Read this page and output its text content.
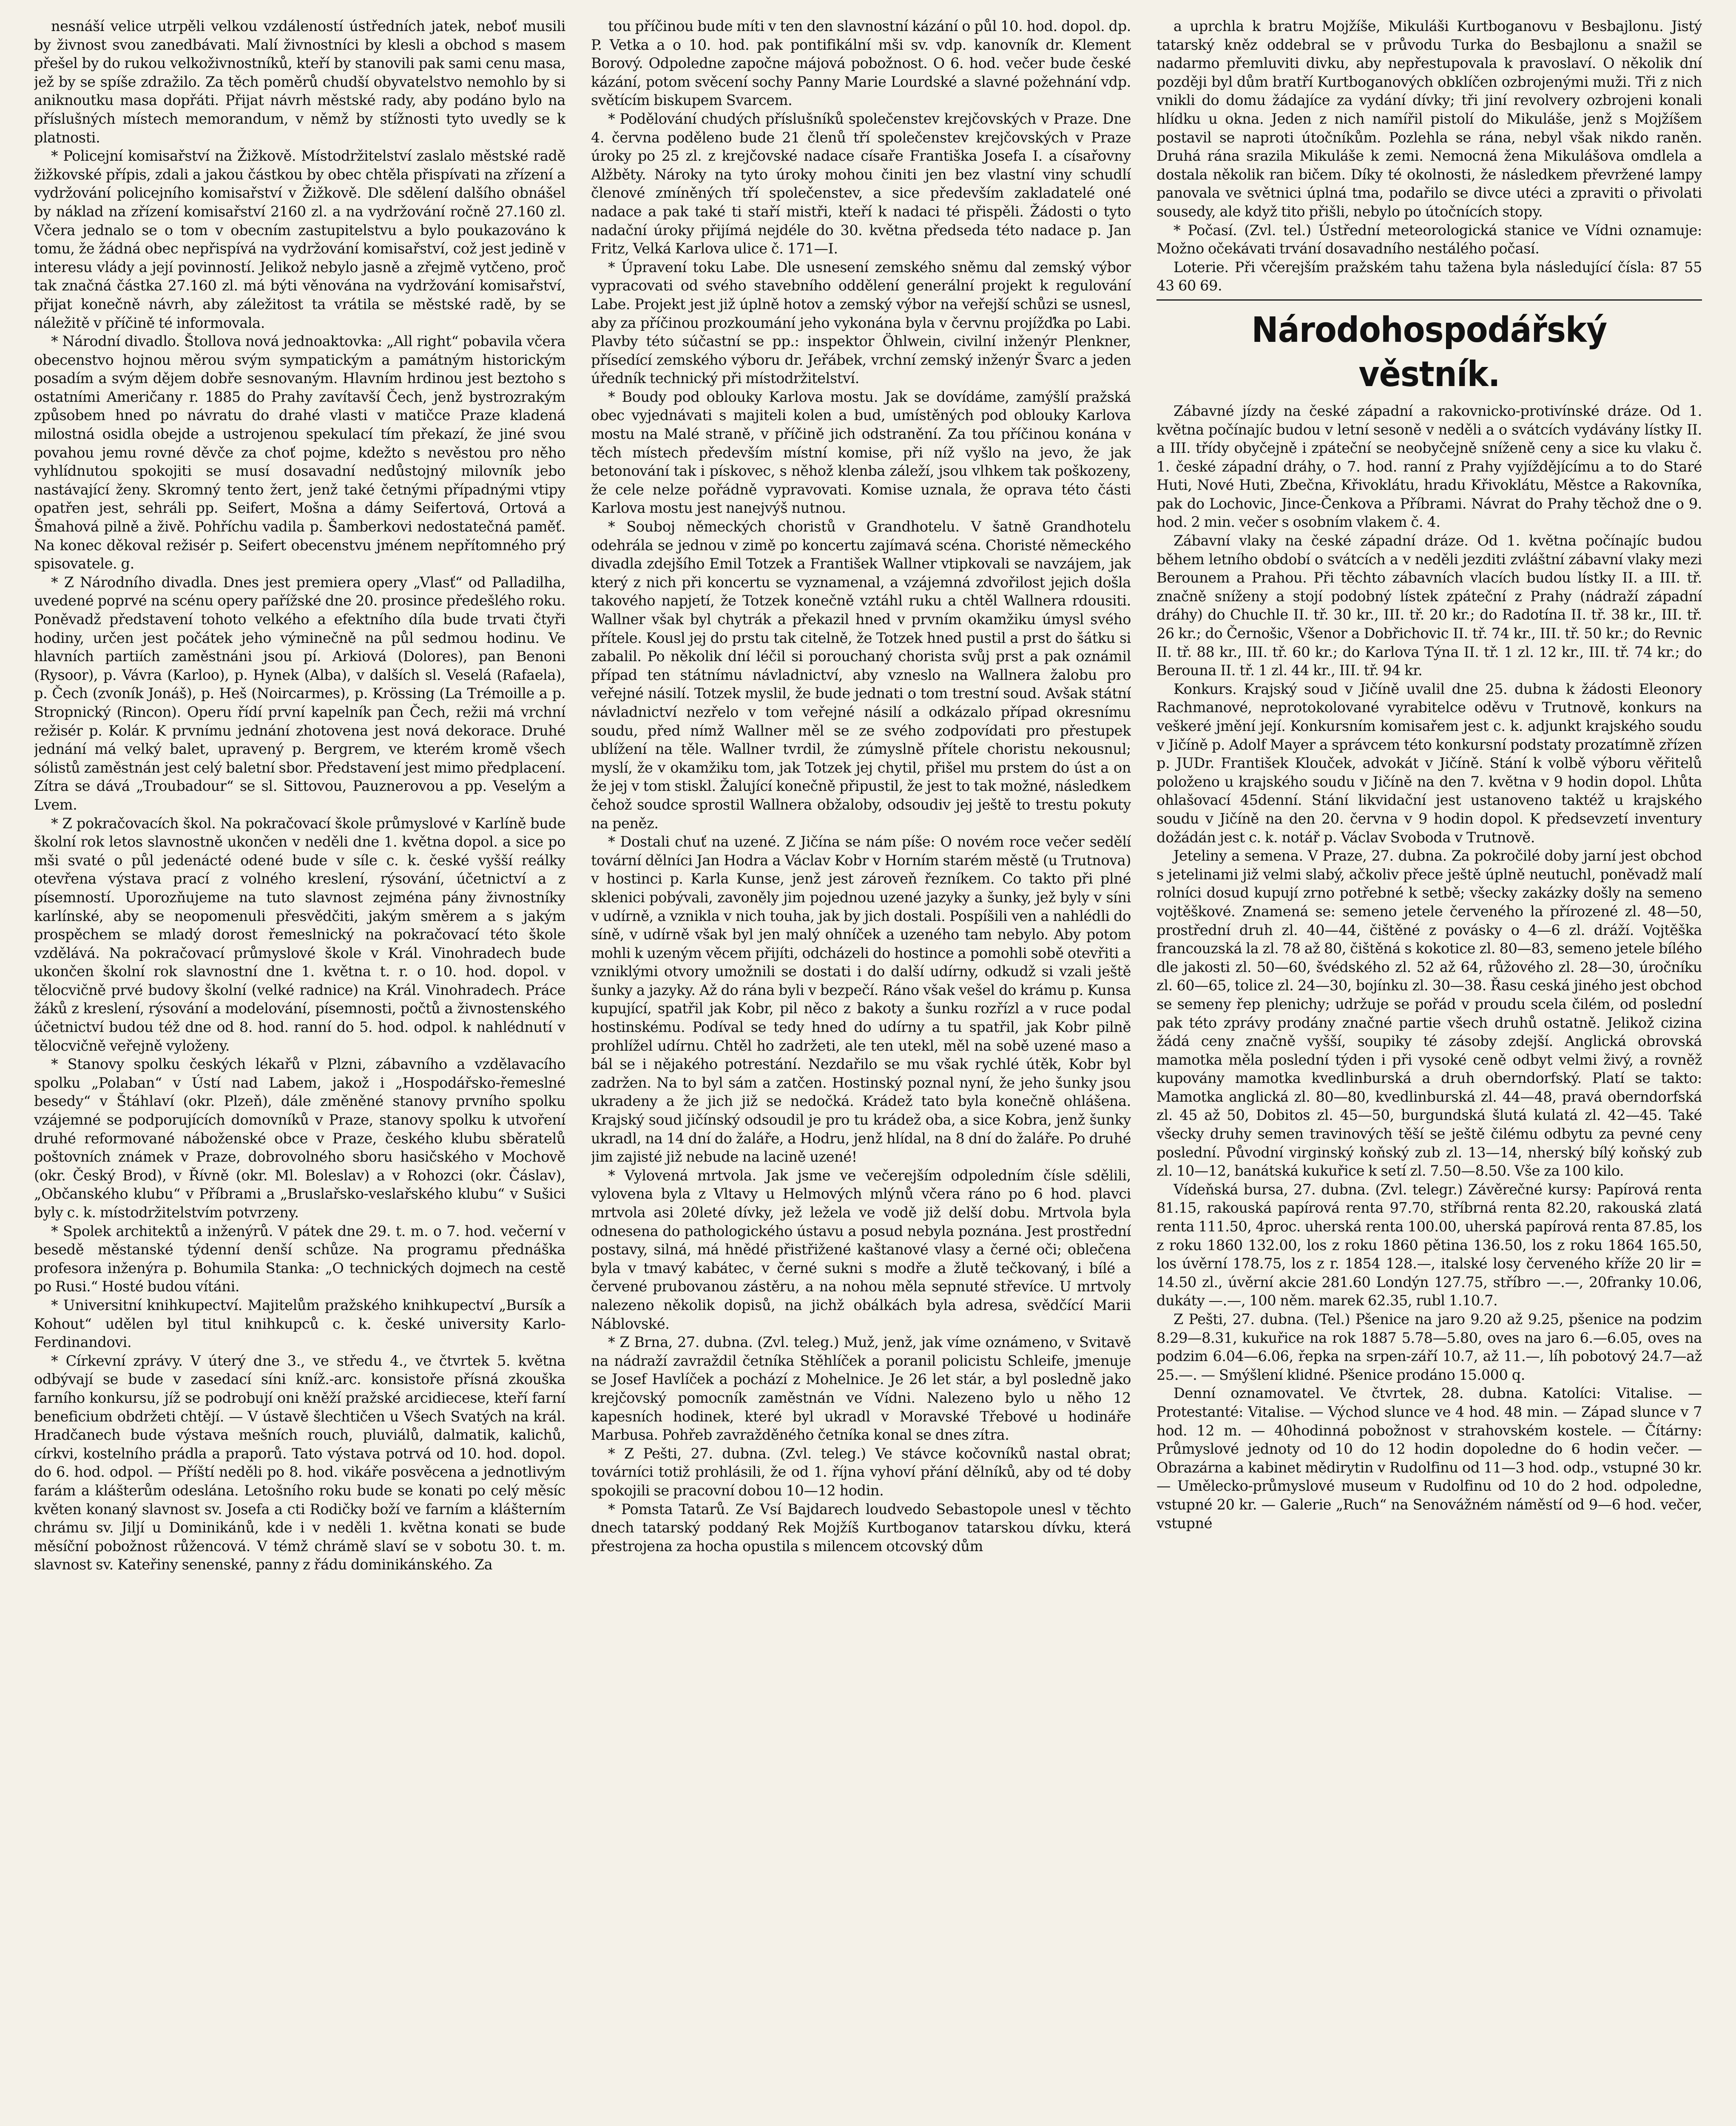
nesnáší velice utrpěli velkou vzdáleností ústředních jatek, neboť musili by živnost svou zanedbávati. Malí živnostníci by klesli a obchod s masem přešel by do rukou velkoživnostníků, kteří by stanovili pak sami cenu masa, jež by se spíše zdražilo. Za těch poměrů chudší obyvatelstvo nemohlo by si aniknoutku masa dopřáti. Přijat návrh městské rady, aby podáno bylo na příslušných místech memorandum, v němž by stížnosti tyto uvedly se k platnosti.

* Policejní komisařství na Žižkově. Místodržitelství zaslalo městské radě žižkovské přípis, zdali a jakou částkou by obec chtěla přispívati na zřízení a vydržování policejního komisařství v Žižkově. Dle sdělení dalšího obnášel by náklad na zřízení komisařství 2160 zl. a na vydržování ročně 27.160 zl. Včera jednalo se o tom v obecním zastupitelstvu a bylo poukazováno k tomu, že žádná obec nepřispívá na vydržování komisařství, což jest jedině v interesu vlády a její povinností. Jelikož nebylo jasně a zřejmě vytčeno, proč tak značná částka 27.160 zl. má býti věnována na vydržování komisařství, přijat konečně návrh, aby záležitost ta vrátila se městské radě, by se náležitě v příčině té informovala.

* Národní divadlo. Štollova nová jednoaktovka: „All right“ pobavila včera obecenstvo hojnou měrou svým sympatickým a památným historickým posadím a svým dějem dobře sesnovaným. Hlavním hrdinou jest beztoho s ostatními Američany r. 1885 do Prahy zavítavší Čech, jenž bystrozrakým způsobem hned po návratu do drahé vlasti v matičce Praze kladená milostná osidla obejde a ustrojenou spekulací tím překazí, že jiné svou povahou jemu rovné děvče za choť pojme, kdežto s nevěstou pro něho vyhlídnutou spokojiti se musí dosavadní nedůstojný milovník jebo nastávající ženy. Skromný tento žert, jenž také četnými případnými vtipy opatřen jest, sehráli pp. Seifert, Mošna a dámy Seifertová, Ortová a Šmahová pilně a živě. Pohříchu vadila p. Šamberkovi nedostatečná paměť. Na konec děkoval režisér p. Seifert obecenstvu jménem nepřítomného prý spisovatele. g.

* Z Národního divadla. Dnes jest premiera opery „Vlasť“ od Palladilha, uvedené poprvé na scénu opery pařížské dne 20. prosince předešlého roku. Poněvadž představení tohoto velkého a efektního díla bude trvati čtyři hodiny, určen jest počátek jeho výminečně na půl sedmou hodinu. Ve hlavních partiích zaměstnáni jsou pí. Arkiová (Dolores), pan Benoni (Rysoor), p. Vávra (Karloo), p. Hynek (Alba), v dalších sl. Veselá (Rafaela), p. Čech (zvoník Jonáš), p. Heš (Noircarmes), p. Krössing (La Trémoille a p. Stropnický (Rincon). Operu řídí první kapelník pan Čech, režii má vrchní režisér p. Kolár. K prvnímu jednání zhotovena jest nová dekorace. Druhé jednání má velký balet, upravený p. Bergrem, ve kterém kromě všech sólistů zaměstnán jest celý baletní sbor. Představení jest mimo předplacení. Zítra se dává „Troubadour“ se sl. Sittovou, Pauznerovou a pp. Veselým a Lvem.

* Z pokračovacích škol. Na pokračovací škole průmyslové v Karlíně bude školní rok letos slavnostně ukončen v neděli dne 1. května dopol. a sice po mši svaté o půl jedenácté odené bude v síle c. k. české vyšší reálky otevřena výstava prací z volného kreslení, rýsování, účetnictví a z písemností. Uporozňujeme na tuto slavnost zejména pány živnostníky karlínské, aby se neopomenuli přesvědčiti, jakým směrem a s jakým prospěchem se mladý dorost řemeslnický na pokračovací této škole vzdělává. Na pokračovací průmyslové škole v Král. Vinohradech bude ukončen školní rok slavnostní dne 1. května t. r. o 10. hod. dopol. v tělocvičně prvé budovy školní (velké radnice) na Král. Vinohradech. Práce žáků z kreslení, rýsování a modelování, písemnosti, počtů a živnostenského účetnictví budou též dne od 8. hod. ranní do 5. hod. odpol. k nahlédnutí v tělocvičně veřejně vyloženy.

* Stanovy spolku českých lékařů v Plzni, zábavního a vzdělavacího spolku „Polaban“ v Ústí nad Labem, jakož i „Hospodářsko-řemeslné besedy“ v Štáhlaví (okr. Plzeň), dále změněné stanovy prvního spolku vzájemné se podporujících domovníků v Praze, stanovy spolku k utvoření druhé reformované náboženské obce v Praze, českého klubu sběratelů poštovních známek v Praze, dobrovolného sboru hasičského v Mochově (okr. Český Brod), v Řívně (okr. Ml. Boleslav) a v Rohozci (okr. Čáslav), „Občanského klubu“ v Příbrami a „Bruslařsko-veslařského klubu“ v Sušici byly c. k. místodržitelstvím potvrzeny.

* Spolek architektů a inženýrů. V pátek dne 29. t. m. o 7. hod. večerní v besedě městanské týdenní denší schůze. Na programu přednáška profesora inženýra p. Bohumila Stanka: „O technických dojmech na cestě po Rusi.“ Hosté budou vítáni.

* Universitní knihkupectví. Majitelům pražského knihkupectví „Bursík a Kohout“ udělen byl titul knihkupců c. k. české university Karlo-Ferdinandovi.

* Církevní zprávy. V úterý dne 3., ve středu 4., ve čtvrtek 5. května odbývají se bude v zasedací síni kníž.-arc. konsistoře přísná zkouška farního konkursu, jíž se podrobují oni kněží pražské arcidiecese, kteří farní beneficium obdržeti chtějí. — V ústavě šlechtičen u Všech Svatých na král. Hradčanech bude výstava mešních rouch, pluviálů, dalmatik, kalichů, církvi, kostelního prádla a praporů. Tato výstava potrvá od 10. hod. dopol. do 6. hod. odpol. — Příští neděli po 8. hod. vikáře posvěcena a jednotlivým farám a klášterům odeslána. Letošního roku bude se konati po celý měsíc květen konaný slavnost sv. Josefa a cti Rodičky boží ve farním a klášterním chrámu sv. Jiljí u Dominikánů, kde i v neděli 1. května konati se bude měsíční pobožnost růžencová. V témž chrámě slaví se v sobotu 30. t. m. slavnost sv. Kateřiny senenské, panny z řádu dominikánského. Za

tou příčinou bude míti v ten den slavnostní kázání o půl 10. hod. dopol. dp. P. Vetka a o 10. hod. pak pontifikální mši sv. vdp. kanovník dr. Klement Borový. Odpoledne započne májová pobožnost. O 6. hod. večer bude české kázání, potom svěcení sochy Panny Marie Lourdské a slavné požehnání vdp. světícím biskupem Svarcem.

* Podělování chudých příslušníků společenstev krejčovských v Praze. Dne 4. června poděleno bude 21 členů tří společenstev krejčovských v Praze úroky po 25 zl. z krejčovské nadace císaře Františka Josefa I. a císařovny Alžběty. Nároky na tyto úroky mohou činiti jen bez vlastní viny schudlí členové zmíněných tří společenstev, a sice především zakladatelé oné nadace a pak také ti staří mistři, kteří k nadaci té přispěli. Žádosti o tyto nadační úroky přijímá nejdéle do 30. května předseda této nadace p. Jan Fritz, Velká Karlova ulice č. 171—I.

* Úpravení toku Labe. Dle usnesení zemského sněmu dal zemský výbor vypracovati od svého stavebního oddělení generální projekt k regulování Labe. Projekt jest již úplně hotov a zemský výbor na veřejší schůzi se usnesl, aby za příčinou prozkoumání jeho vykonána byla v červnu projížďka po Labi. Plavby této súčastní se pp.: inspektor Öhlwein, civilní inženýr Plenkner, přísedící zemského výboru dr. Jeřábek, vrchní zemský inženýr Švarc a jeden úředník technický při místodržitelství.

* Boudy pod oblouky Karlova mostu. Jak se dovídáme, zamýšlí pražská obec vyjednávati s majiteli kolen a bud, umístěných pod oblouky Karlova mostu na Malé straně, v příčině jich odstranění. Za tou příčinou konána v těch místech především místní komise, při níž vyšlo na jevo, že jak betonování tak i pískovec, s něhož klenba záleží, jsou vlhkem tak poškozeny, že cele nelze pořádně vypravovati. Komise uznala, že oprava této části Karlova mostu jest nanejvýš nutnou.

* Souboj německých choristů v Grandhotelu. V šatně Grandhotelu odehrála se jednou v zimě po koncertu zajímavá scéna. Choristé německého divadla zdejšího Emil Totzek a František Wallner vtipkovali se navzájem, jak který z nich při koncertu se vyznamenal, a vzájemná zdvořilost jejich došla takového napjetí, že Totzek konečně vztáhl ruku a chtěl Wallnera rdousiti. Wallner však byl chytrák a překazil hned v prvním okamžiku úmysl svého přítele. Kousl jej do prstu tak citelně, že Totzek hned pustil a prst do šátku si zabalil. Po několik dní léčil si porouchaný chorista svůj prst a pak oznámil případ ten státnímu návladnictví, aby vzneslo na Wallnera žalobu pro veřejné násilí. Totzek myslil, že bude jednati o tom trestní soud. Avšak státní návladnictví nezřelo v tom veřejné násilí a odkázalo případ okresnímu soudu, před nímž Wallner měl se ze svého zodpovídati pro přestupek ublížení na těle. Wallner tvrdil, že zúmyslně přítele choristu nekousnul; myslí, že v okamžiku tom, jak Totzek jej chytil, přišel mu prstem do úst a on že jej v tom stiskl. Žalující konečně připustil, že jest to tak možné, následkem čehož soudce sprostil Wallnera obžaloby, odsoudiv jej ještě to trestu pokuty na peněz.

* Dostali chuť na uzené. Z Jičína se nám píše: O novém roce večer sedělí tovární dělníci Jan Hodra a Václav Kobr v Horním starém městě (u Trutnova) v hostinci p. Karla Kunse, jenž jest zároveň řezníkem. Co takto při plné sklenici pobývali, zavoněly jim pojednou uzené jazyky a šunky, jež byly v síni v udírně, a vznikla v nich touha, jak by jich dostali. Pospíšili ven a nahlédli do síně, v udírně však byl jen malý ohníček a uzeného tam nebylo. Aby potom mohli k uzeným věcem přijíti, odcházeli do hostince a pomohli sobě otevřiti a vzniklými otvory umožnili se dostati i do další udírny, odkudž si vzali ještě šunky a jazyky. Až do rána byli v bezpečí. Ráno však vešel do krámu p. Kunsa kupující, spatřil jak Kobr, pil něco z bakoty a šunku rozřízl a v ruce podal hostinskému. Podíval se tedy hned do udírny a tu spatřil, jak Kobr pilně prohlížel udírnu. Chtěl ho zadržeti, ale ten utekl, měl na sobě uzené maso a bál se i nějakého potrestání. Nezdařilo se mu však rychlé útěk, Kobr byl zadržen. Na to byl sám a zatčen. Hostinský poznal nyní, že jeho šunky jsou ukradeny a že jich již se nedočká. Krádež tato byla konečně ohlášena. Krajský soud jičínský odsoudil je pro tu krádež oba, a sice Kobra, jenž šunky ukradl, na 14 dní do žaláře, a Hodru, jenž hlídal, na 8 dní do žaláře. Po druhé jim zajisté již nebude na lacině uzené!

* Vylovená mrtvola. Jak jsme ve večerejším odpoledním čísle sdělili, vylovena byla z Vltavy u Helmových mlýnů včera ráno po 6 hod. plavci mrtvola asi 20leté dívky, jež ležela ve vodě již delší dobu. Mrtvola byla odnesena do pathologického ústavu a posud nebyla poznána. Jest prostřední postavy, silná, má hnědé přistřižené kaštanové vlasy a černé oči; oblečena byla v tmavý kabátec, v černé sukni s modře a žlutě tečkovaný, i bílé a červené prubovanou zástěru, a na nohou měla sepnuté střevíce. U mrtvoly nalezeno několik dopisů, na jichž obálkách byla adresa, svědčící Marii Náblovské.

* Z Brna, 27. dubna. (Zvl. teleg.) Muž, jenž, jak víme oznámeno, v Svitavě na nádraží zavraždil četníka Stěhlíček a poranil policistu Schleife, jmenuje se Josef Havlíček a pochází z Mohelnice. Je 26 let stár, a byl posledně jako krejčovský pomocník zaměstnán ve Vídni. Nalezeno bylo u něho 12 kapesních hodinek, které byl ukradl v Moravské Třebové u hodináře Marbusa. Pohřeb zavražděného četníka konal se dnes zítra.

* Z Pešti, 27. dubna. (Zvl. teleg.) Ve stávce kočovníků nastal obrat; továrníci totiž prohlásili, že od 1. října vyhoví přání dělníků, aby od té doby spokojili se pracovní dobou 10—12 hodin.

* Pomsta Tatarů. Ze Vsí Bajdarech loudvedo Sebastopole unesl v těchto dnech tatarský poddaný Rek Mojžíš Kurtboganov tatarskou dívku, která přestrojena za hocha opustila s milencem otcovský dům

a uprchla k bratru Mojžíše, Mikuláši Kurtboganovu v Besbajlonu. Jistý tatarský kněz oddebral se v průvodu Turka do Besbajlonu a snažil se nadarmo přemluviti divku, aby nepřestupovala k pravoslaví. O několik dní později byl dům bratří Kurtboganových obklíčen ozbrojenými muži. Tři z nich vnikli do domu žádajíce za vydání dívky; tři jiní revolvery ozbrojeni konali hlídku u okna. Jeden z nich namířil pistolí do Mikuláše, jenž s Mojžíšem postavil se naproti útočníkům. Pozlehla se rána, nebyl však nikdo raněn. Druhá rána srazila Mikuláše k zemi. Nemocná žena Mikulášova omdlela a dostala několik ran bičem. Díky té okolnosti, že následkem převržené lampy panovala ve světnici úplná tma, podařilo se divce utéci a zpraviti o přivolati sousedy, ale když tito přišli, nebylo po útočnících stopy.

* Počasí. (Zvl. tel.) Ústřední meteorologická stanice ve Vídni oznamuje: Možno očekávati trvání dosavadního nestálého počasí.

Loterie. Při včerejším pražském tahu tažena byla následující čísla: 87 55 43 60 69.

Národohospodářský věstník.

Zábavné jízdy na české západní a rakovnicko-protivínské dráze. Od 1. května počínajíc budou v letní sesoně v neděli a o svátcích vydávány lístky II. a III. třídy obyčejně i zpáteční se neobyčejně sníženě ceny a sice ku vlaku č. 1. české západní dráhy, o 7. hod. ranní z Prahy vyjíždějícímu a to do Staré Huti, Nové Huti, Zbečna, Křivoklátu, hradu Křivoklátu, Městce a Rakovníka, pak do Lochovic, Jince-Čenkova a Příbrami. Návrat do Prahy těchož dne o 9. hod. 2 min. večer s osobním vlakem č. 4.

Zábavní vlaky na české západní dráze. Od 1. května počínajíc budou během letního období o svátcích a v neděli jezditi zvláštní zábavní vlaky mezi Berounem a Prahou. Při těchto zábavních vlacích budou lístky II. a III. tř. značně sníženy a stojí podobný lístek zpáteční z Prahy (nádraží západní dráhy) do Chuchle II. tř. 30 kr., III. tř. 20 kr.; do Radotína II. tř. 38 kr., III. tř. 26 kr.; do Černošic, Všenor a Dobřichovic II. tř. 74 kr., III. tř. 50 kr.; do Revnic II. tř. 88 kr., III. tř. 60 kr.; do Karlova Týna II. tř. 1 zl. 12 kr., III. tř. 74 kr.; do Berouna II. tř. 1 zl. 44 kr., III. tř. 94 kr.

Konkurs. Krajský soud v Jičíně uvalil dne 25. dubna k žádosti Eleonory Rachmanové, neprotokolované vyrabitelce oděvu v Trutnově, konkurs na veškeré jmění její. Konkursním komisařem jest c. k. adjunkt krajského soudu v Jičíně p. Adolf Mayer a správcem této konkursní podstaty prozatímně zřízen p. JUDr. František Klouček, advokát v Jičíně. Stání k volbě výboru věřitelů položeno u krajského soudu v Jičíně na den 7. května v 9 hodin dopol. Lhůta ohlašovací 45denní. Stání likvidační jest ustanoveno taktéž u krajského soudu v Jičíně na den 20. června v 9 hodin dopol. K předsevzetí inventury dožádán jest c. k. notář p. Václav Svoboda v Trutnově.

Jeteliny a semena. V Praze, 27. dubna. Za pokročilé doby jarní jest obchod s jetelinami již velmi slabý, ačkoliv přece ještě úplně neutuchl, poněvadž malí rolníci dosud kupují zrno potřebné k setbě; všecky zakázky došly na semeno vojtěškové. Znamená se: semeno jetele červeného la přírozené zl. 48—50, prostřední druh zl. 40—44, čištěné z povásky o 4—6 zl. dráží. Vojtěška francouzská la zl. 78 až 80, čištěná s kokotice zl. 80—83, semeno jetele bílého dle jakosti zl. 50—60, švédského zl. 52 až 64, růžového zl. 28—30, úročníku zl. 60—65, tolice zl. 24—30, bojínku zl. 30—38. Řasu ceská jiného jest obchod se semeny řep plenichy; udržuje se pořád v proudu scela čilém, od poslední pak této zprávy prodány značné partie všech druhů ostatně. Jelikož cizina žádá ceny značně vyšší, soupiky té zásoby zdejší. Anglická obrovská mamotka měla poslední týden i při vysoké ceně odbyt velmi živý, a rovněž kupovány mamotka kvedlinburská a druh oberndorfský. Platí se takto: Mamotka anglická zl. 80—80, kvedlinburská zl. 44—48, pravá oberndorfská zl. 45 až 50, Dobitos zl. 45—50, burgundská šlutá kulatá zl. 42—45. Také všecky druhy semen travinových těší se ještě čilému odbytu za pevné ceny poslední. Původní virginský koňský zub zl. 13—14, nherský bílý koňský zub zl. 10—12, banátská kukuřice k setí zl. 7.50—8.50. Vše za 100 kilo.

Vídeňská bursa, 27. dubna. (Zvl. telegr.) Závěrečné kursy: Papírová renta 81.15, rakouská papírová renta 97.70, stříbrná renta 82.20, rakouská zlatá renta 111.50, 4proc. uherská renta 100.00, uherská papírová renta 87.85, los z roku 1860 132.00, los z roku 1860 pětina 136.50, los z roku 1864 165.50, los úvěrní 178.75, los z r. 1854 128.—, italské losy červeného kříže 20 lir = 14.50 zl., úvěrní akcie 281.60 Londýn 127.75, stříbro —.—, 20franky 10.06, dukáty —.—, 100 něm. marek 62.35, rubl 1.10.7.

Z Pešti, 27. dubna. (Tel.) Pšenice na jaro 9.20 až 9.25, pšenice na podzim 8.29—8.31, kukuřice na rok 1887 5.78—5.80, oves na jaro 6.—6.05, oves na podzim 6.04—6.06, řepka na srpen-září 10.7, až 11.—, líh pobotový 24.7—až 25.—. — Smýšlení klidné. Pšenice prodáno 15.000 q.

Denní oznamovatel. Ve čtvrtek, 28. dubna. Katolíci: Vitalise. — Protestanté: Vitalise. — Východ slunce ve 4 hod. 48 min. — Západ slunce v 7 hod. 12 m. — 40hodinná pobožnost v strahovském kostele. — Čítárny: Průmyslové jednoty od 10 do 12 hodin dopoledne do 6 hodin večer. — Obrazárna a kabinet mědirytin v Rudolfinu od 11—3 hod. odp., vstupné 30 kr. — Umělecko-průmyslové museum v Rudolfinu od 10 do 2 hod. odpoledne, vstupné 20 kr. — Galerie „Ruch“ na Senovážném náměstí od 9—6 hod. večer, vstupné
